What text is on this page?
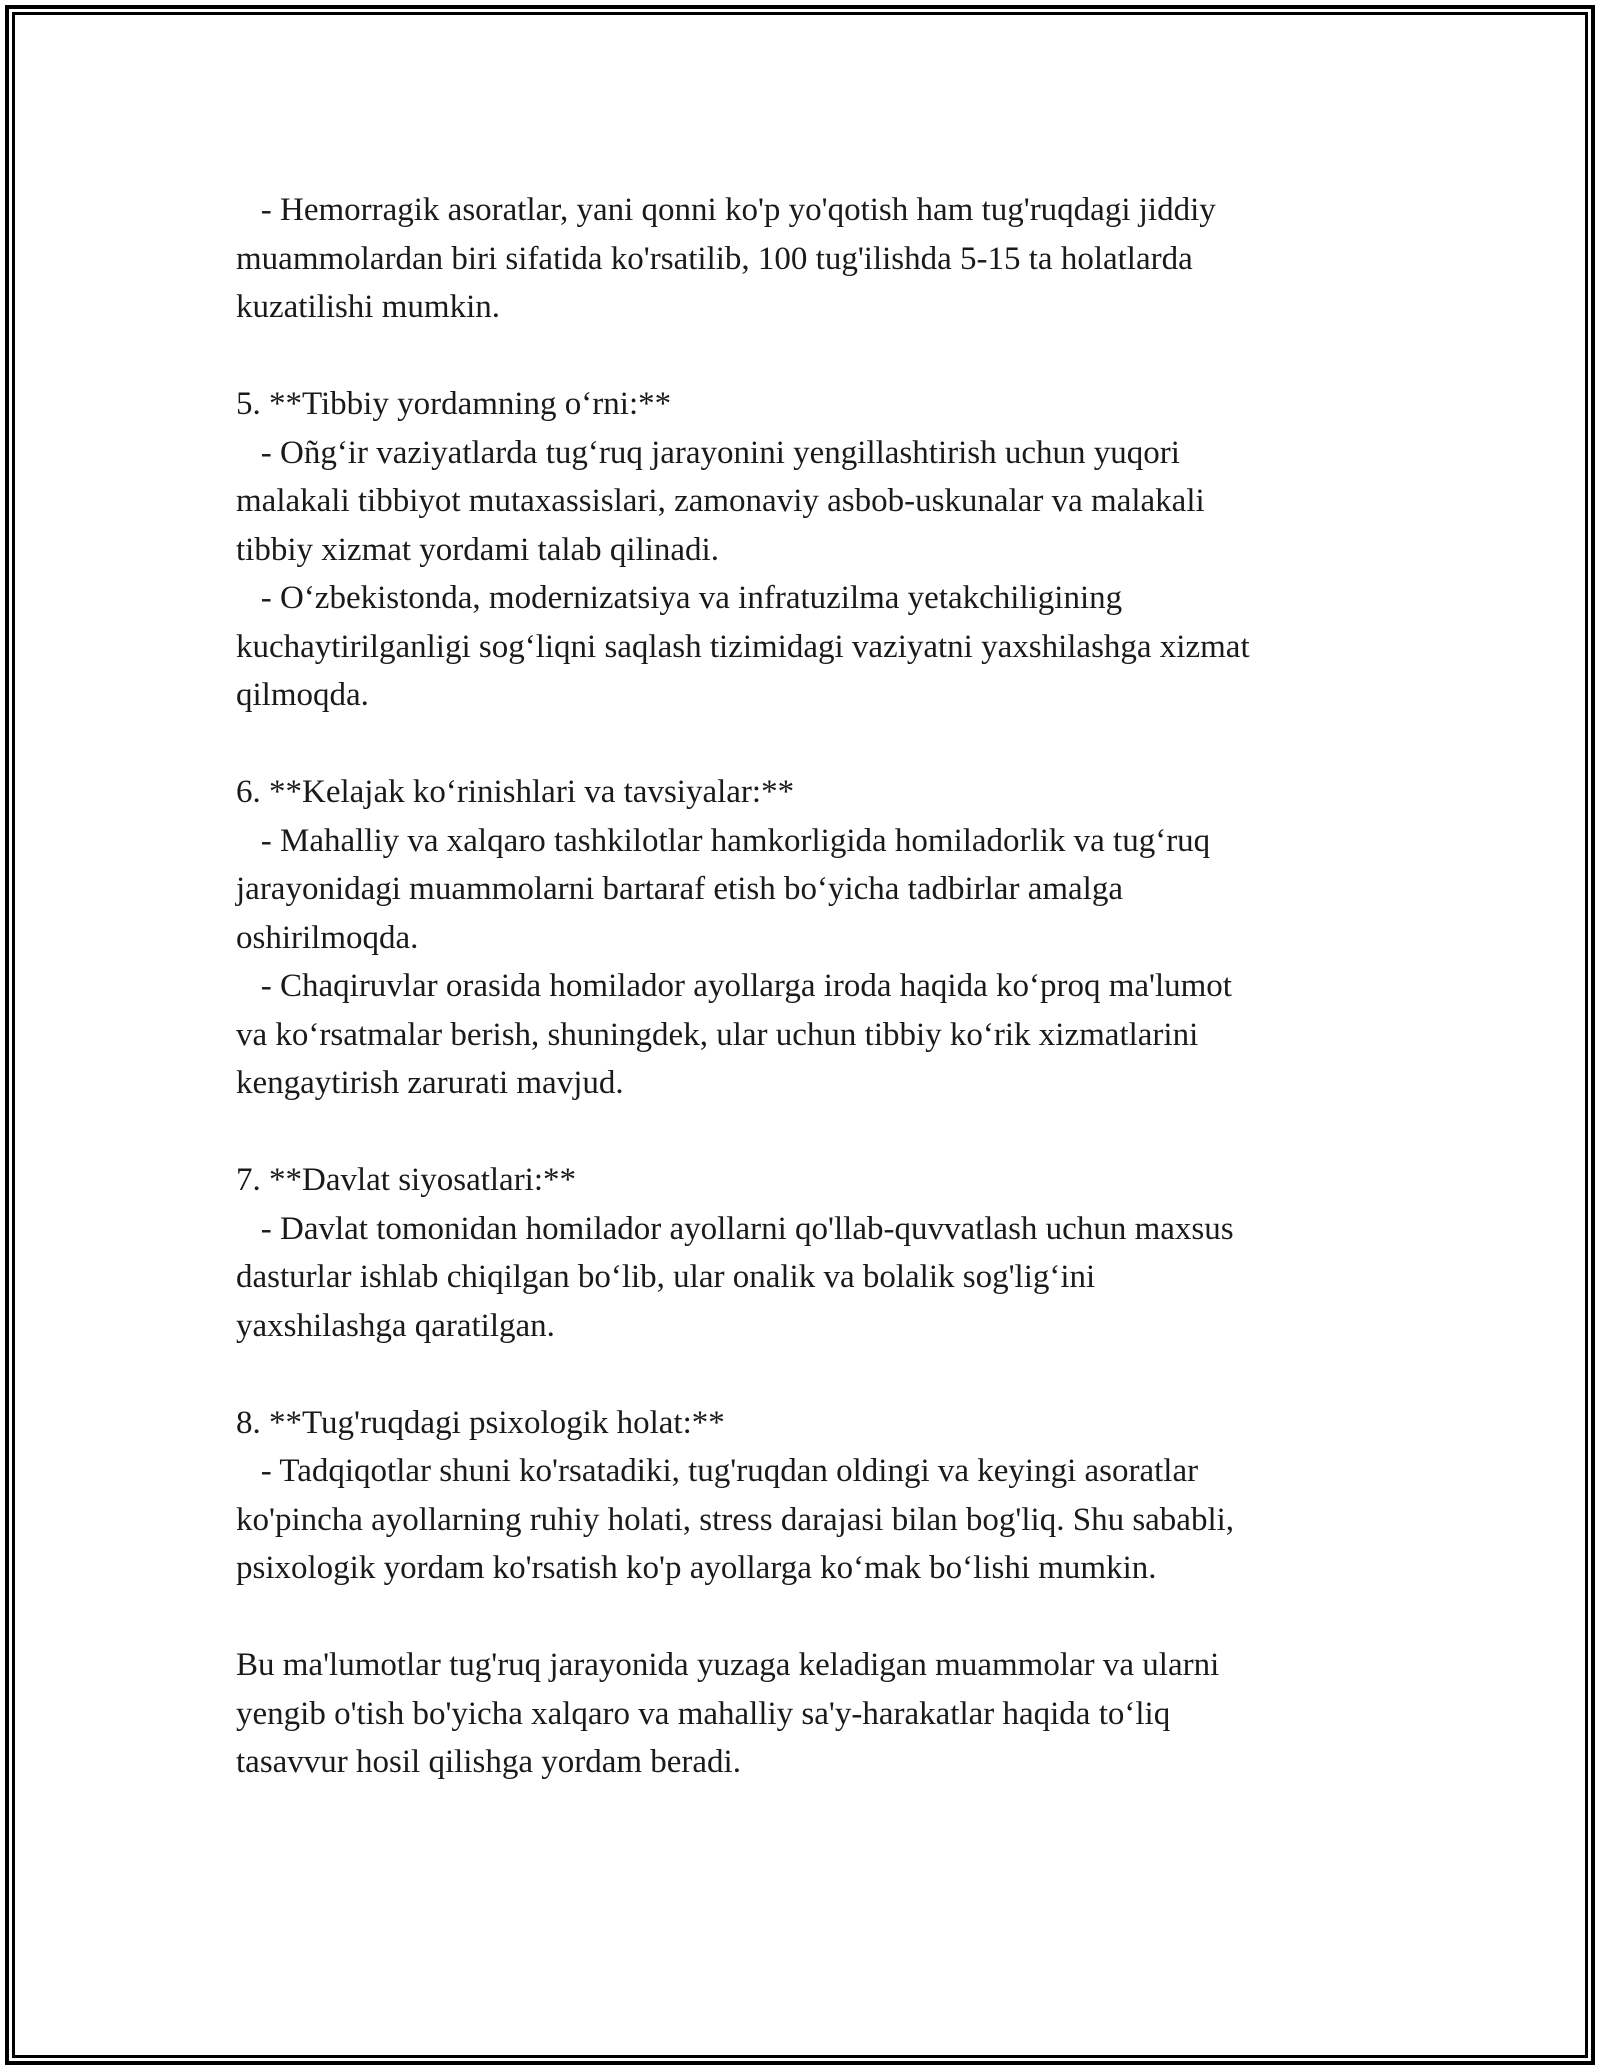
- Hemorragik asoratlar, yani qonni ko'p yo'qotish ham tug'ruqdagi jiddiy
muammolardan biri sifatida ko'rsatilib, 100 tug'ilishda 5-15 ta holatlarda
kuzatilishi mumkin.
5. **Tibbiy yordamning o‘rni:**
- Oñg‘ir vaziyatlarda tug‘ruq jarayonini yengillashtirish uchun yuqori
malakali tibbiyot mutaxassislari, zamonaviy asbob-uskunalar va malakali
tibbiy xizmat yordami talab qilinadi.
- O‘zbekistonda, modernizatsiya va infratuzilma yetakchiligining
kuchaytirilganligi sog‘liqni saqlash tizimidagi vaziyatni yaxshilashga xizmat
qilmoqda.
6. **Kelajak ko‘rinishlari va tavsiyalar:**
- Mahalliy va xalqaro tashkilotlar hamkorligida homiladorlik va tug‘ruq
jarayonidagi muammolarni bartaraf etish bo‘yicha tadbirlar amalga
oshirilmoqda.
- Chaqiruvlar orasida homilador ayollarga iroda haqida ko‘proq ma'lumot
va ko‘rsatmalar berish, shuningdek, ular uchun tibbiy ko‘rik xizmatlarini
kengaytirish zarurati mavjud.
7. **Davlat siyosatlari:**
- Davlat tomonidan homilador ayollarni qo'llab-quvvatlash uchun maxsus
dasturlar ishlab chiqilgan bo‘lib, ular onalik va bolalik sog'lig‘ini
yaxshilashga qaratilgan.
8. **Tug'ruqdagi psixologik holat:**
- Tadqiqotlar shuni ko'rsatadiki, tug'ruqdan oldingi va keyingi asoratlar
ko'pincha ayollarning ruhiy holati, stress darajasi bilan bog'liq. Shu sababli,
psixologik yordam ko'rsatish ko'p ayollarga ko‘mak bo‘lishi mumkin.
Bu ma'lumotlar tug'ruq jarayonida yuzaga keladigan muammolar va ularni
yengib o'tish bo'yicha xalqaro va mahalliy sa'y-harakatlar haqida to‘liq
tasavvur hosil qilishga yordam beradi.
